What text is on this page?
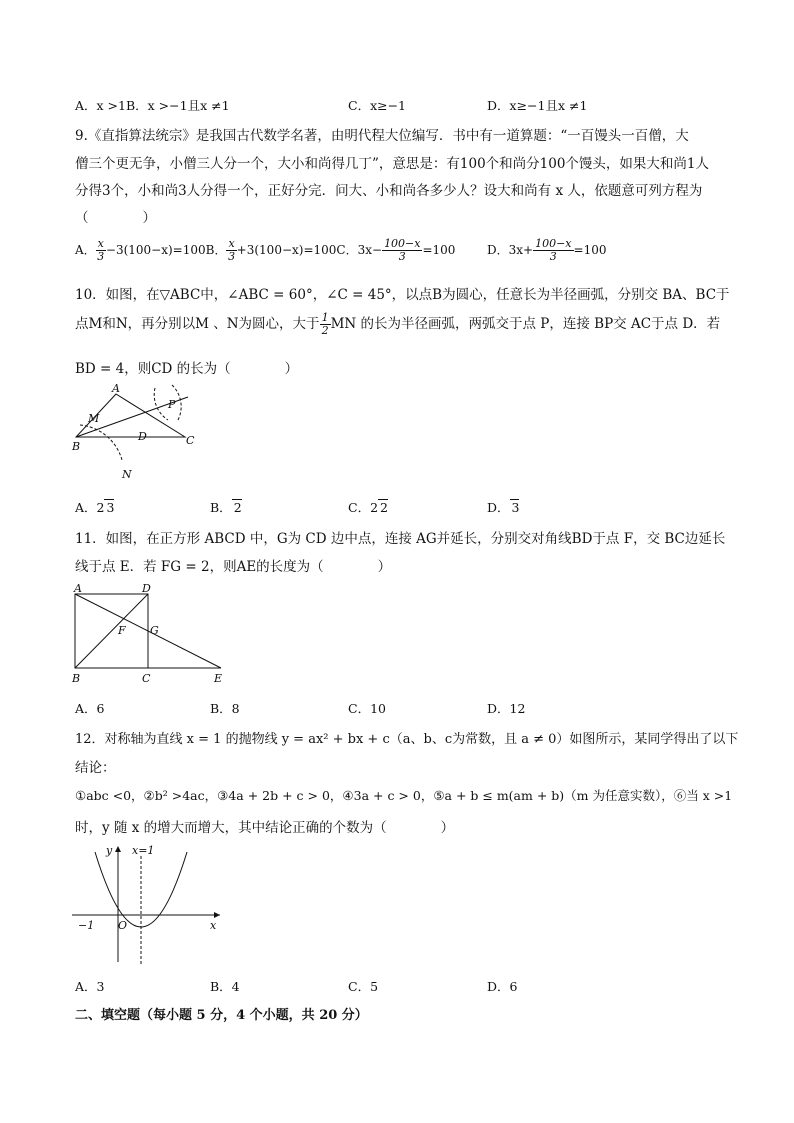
A．x >1B．x >−1且x ≠1	C．x≥−1	D．x≥−1且x ≠1
9.《直指算法统宗》是我国古代数学名著，由明代程大位编写．书中有一道算题：“一百馒头一百僧，大
僧三个更无争，小僧三人分一个，大小和尚得几丁”，意思是：有100个和尚分100个馒头，如果大和尚1人
分得3个，小和尚3人分得一个，正好分完．问大、小和尚各多少人？设大和尚有 x 人，依题意可列方程为
（　　　　）
A． $\frac{x}{3} -3(100-x)=100B$． $\frac{x}{3} +3(100-x)=100C$．$3x- \frac{100-x}{3} =100$	D．$3x+ \frac{100-x}{3} =100$
10．如图，在▽ABC中，∠ABC = 60°，∠C = 45°，以点B为圆心，任意长为半径画弧，分别交 BA、BC于
点M和N，再分别以M 、N为圆心，大于 $\frac{1}{2}$ MN 的长为半径画弧，两弧交于点 P，连接 BP交 AC于点 D．若
BD = 4，则CD 的长为（　　　　）
A
B	C
D
M
N
P
A．2 3	B． 2	C．2 2	D． 3
11．如图，在正方形 ABCD 中，G为 CD 边中点，连接 AG并延长，分别交对角线BD于点 F，交 BC边延长
线于点 E．若 FG = 2，则AE的长度为（　　　　）
A	D
B	C	E
F G
A．6	B．8	C．10	D．12
12．对称轴为直线 x = 1 的抛物线 y = ax² + bx + c（a、b、c为常数，且 a ≠ 0）如图所示，某同学得出了以下
结论：
①abc <0，②b² >4ac，③4a + 2b + c > 0，④3a + c > 0，⑤a + b ≤ m(am + b)（m 为任意实数），⑥当 x >1
时，y 随 x 的增大而增大，其中结论正确的个数为（　　　　）
y
x
x=1
−1 O
A．3	B．4	C．5	D．6
二、填空题（每小题 5 分，4 个小题，共 20 分）
